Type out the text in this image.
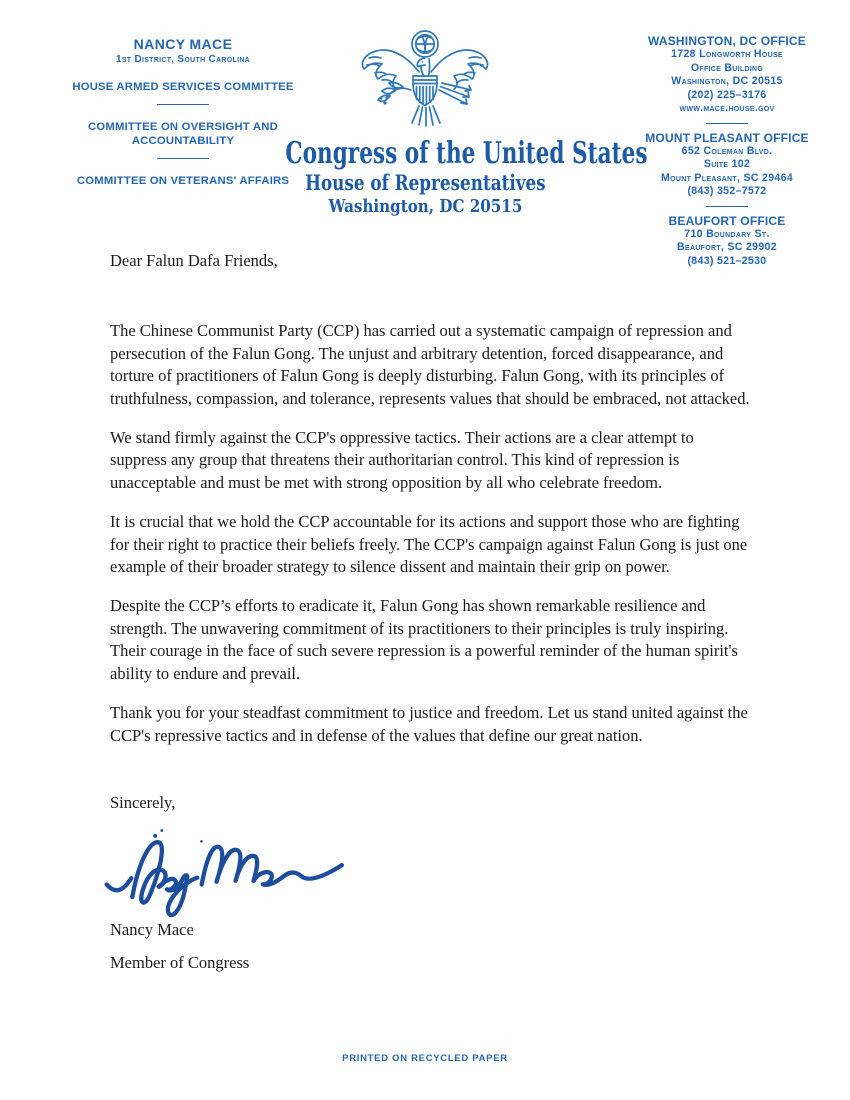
NANCY MACE
1st District, South Carolina
HOUSE ARMED SERVICES COMMITTEE
COMMITTEE ON OVERSIGHT AND ACCOUNTABILITY
COMMITTEE ON VETERANS' AFFAIRS
Congress of the United States
House of Representatives
Washington, DC 20515
WASHINGTON, DC OFFICE
1728 Longworth House
Office Building
Washington, DC 20515
(202) 225–3176
www.mace.house.gov
MOUNT PLEASANT OFFICE
652 Coleman Blvd.
Suite 102
Mount Pleasant, SC 29464
(843) 352–7572
BEAUFORT OFFICE
710 Boundary St.
Beaufort, SC 29902
(843) 521–2530
Dear Falun Dafa Friends,
The Chinese Communist Party (CCP) has carried out a systematic campaign of repression and persecution of the Falun Gong. The unjust and arbitrary detention, forced disappearance, and torture of practitioners of Falun Gong is deeply disturbing. Falun Gong, with its principles of truthfulness, compassion, and tolerance, represents values that should be embraced, not attacked.
We stand firmly against the CCP's oppressive tactics. Their actions are a clear attempt to suppress any group that threatens their authoritarian control. This kind of repression is unacceptable and must be met with strong opposition by all who celebrate freedom.
It is crucial that we hold the CCP accountable for its actions and support those who are fighting for their right to practice their beliefs freely. The CCP's campaign against Falun Gong is just one example of their broader strategy to silence dissent and maintain their grip on power.
Despite the CCP’s efforts to eradicate it, Falun Gong has shown remarkable resilience and strength. The unwavering commitment of its practitioners to their principles is truly inspiring. Their courage in the face of such severe repression is a powerful reminder of the human spirit's ability to endure and prevail.
Thank you for your steadfast commitment to justice and freedom. Let us stand united against the CCP's repressive tactics and in defense of the values that define our great nation.
Sincerely,
Nancy Mace
Member of Congress
PRINTED ON RECYCLED PAPER
